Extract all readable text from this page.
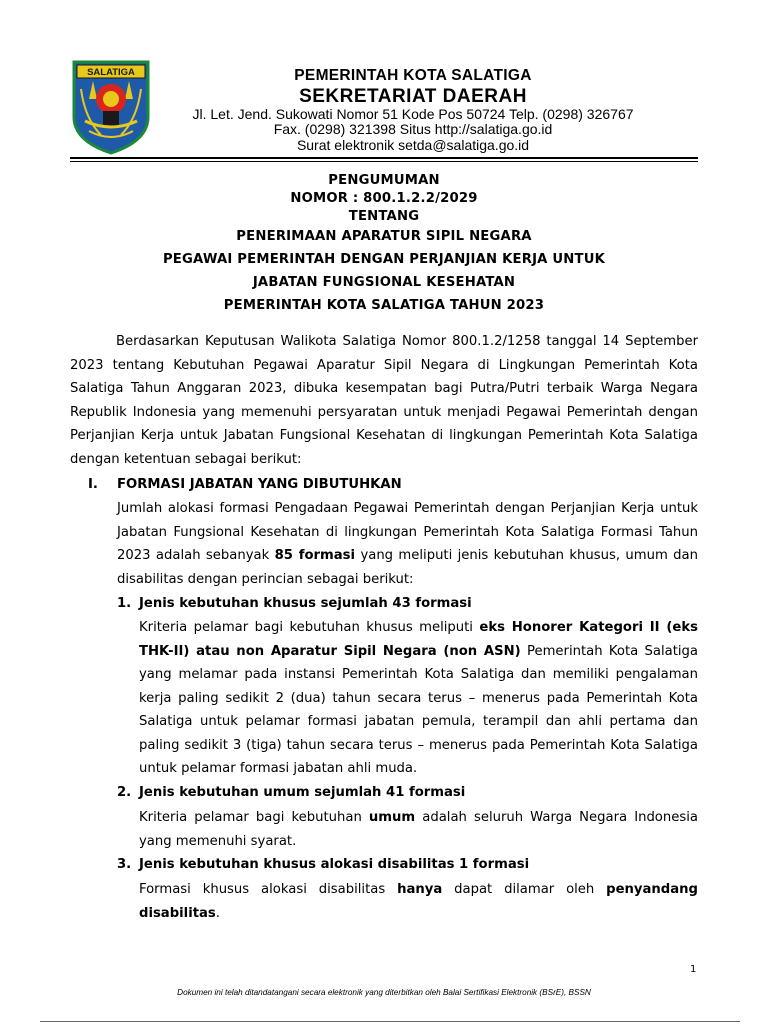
SALATIGA	PEMERINTAH KOTA SALATIGA
SEKRETARIAT DAERAH
Jl. Let. Jend. Sukowati Nomor 51 Kode Pos 50724 Telp. (0298) 326767
Fax. (0298) 321398 Situs http://salatiga.go.id
Surat elektronik setda@salatiga.go.id
PENGUMUMAN
NOMOR : 800.1.2.2/2029
TENTANG
PENERIMAAN APARATUR SIPIL NEGARA
PEGAWAI PEMERINTAH DENGAN PERJANJIAN KERJA UNTUK
JABATAN FUNGSIONAL KESEHATAN
PEMERINTAH KOTA SALATIGA TAHUN 2023
Berdasarkan Keputusan Walikota Salatiga Nomor 800.1.2/1258 tanggal 14 September 2023 tentang Kebutuhan Pegawai Aparatur Sipil Negara di Lingkungan Pemerintah Kota Salatiga Tahun Anggaran 2023, dibuka kesempatan bagi Putra/Putri terbaik Warga Negara Republik Indonesia yang memenuhi persyaratan untuk menjadi Pegawai Pemerintah dengan Perjanjian Kerja untuk Jabatan Fungsional Kesehatan di lingkungan Pemerintah Kota Salatiga dengan ketentuan sebagai berikut:
I. FORMASI JABATAN YANG DIBUTUHKAN
Jumlah alokasi formasi Pengadaan Pegawai Pemerintah dengan Perjanjian Kerja untuk Jabatan Fungsional Kesehatan di lingkungan Pemerintah Kota Salatiga Formasi Tahun 2023 adalah sebanyak 85 formasi yang meliputi jenis kebutuhan khusus, umum dan disabilitas dengan perincian sebagai berikut:
1. Jenis kebutuhan khusus sejumlah 43 formasi
Kriteria pelamar bagi kebutuhan khusus meliputi eks Honorer Kategori II (eks THK-II) atau non Aparatur Sipil Negara (non ASN) Pemerintah Kota Salatiga yang melamar pada instansi Pemerintah Kota Salatiga dan memiliki pengalaman kerja paling sedikit 2 (dua) tahun secara terus – menerus pada Pemerintah Kota Salatiga untuk pelamar formasi jabatan pemula, terampil dan ahli pertama dan paling sedikit 3 (tiga) tahun secara terus – menerus pada Pemerintah Kota Salatiga untuk pelamar formasi jabatan ahli muda.
2. Jenis kebutuhan umum sejumlah 41 formasi
Kriteria pelamar bagi kebutuhan umum adalah seluruh Warga Negara Indonesia yang memenuhi syarat.
3. Jenis kebutuhan khusus alokasi disabilitas 1 formasi
Formasi khusus alokasi disabilitas hanya dapat dilamar oleh penyandang disabilitas.
1
Dokumen ini telah ditandatangani secara elektronik yang diterbitkan oleh Balai Sertifikasi Elektronik (BSrE), BSSN
